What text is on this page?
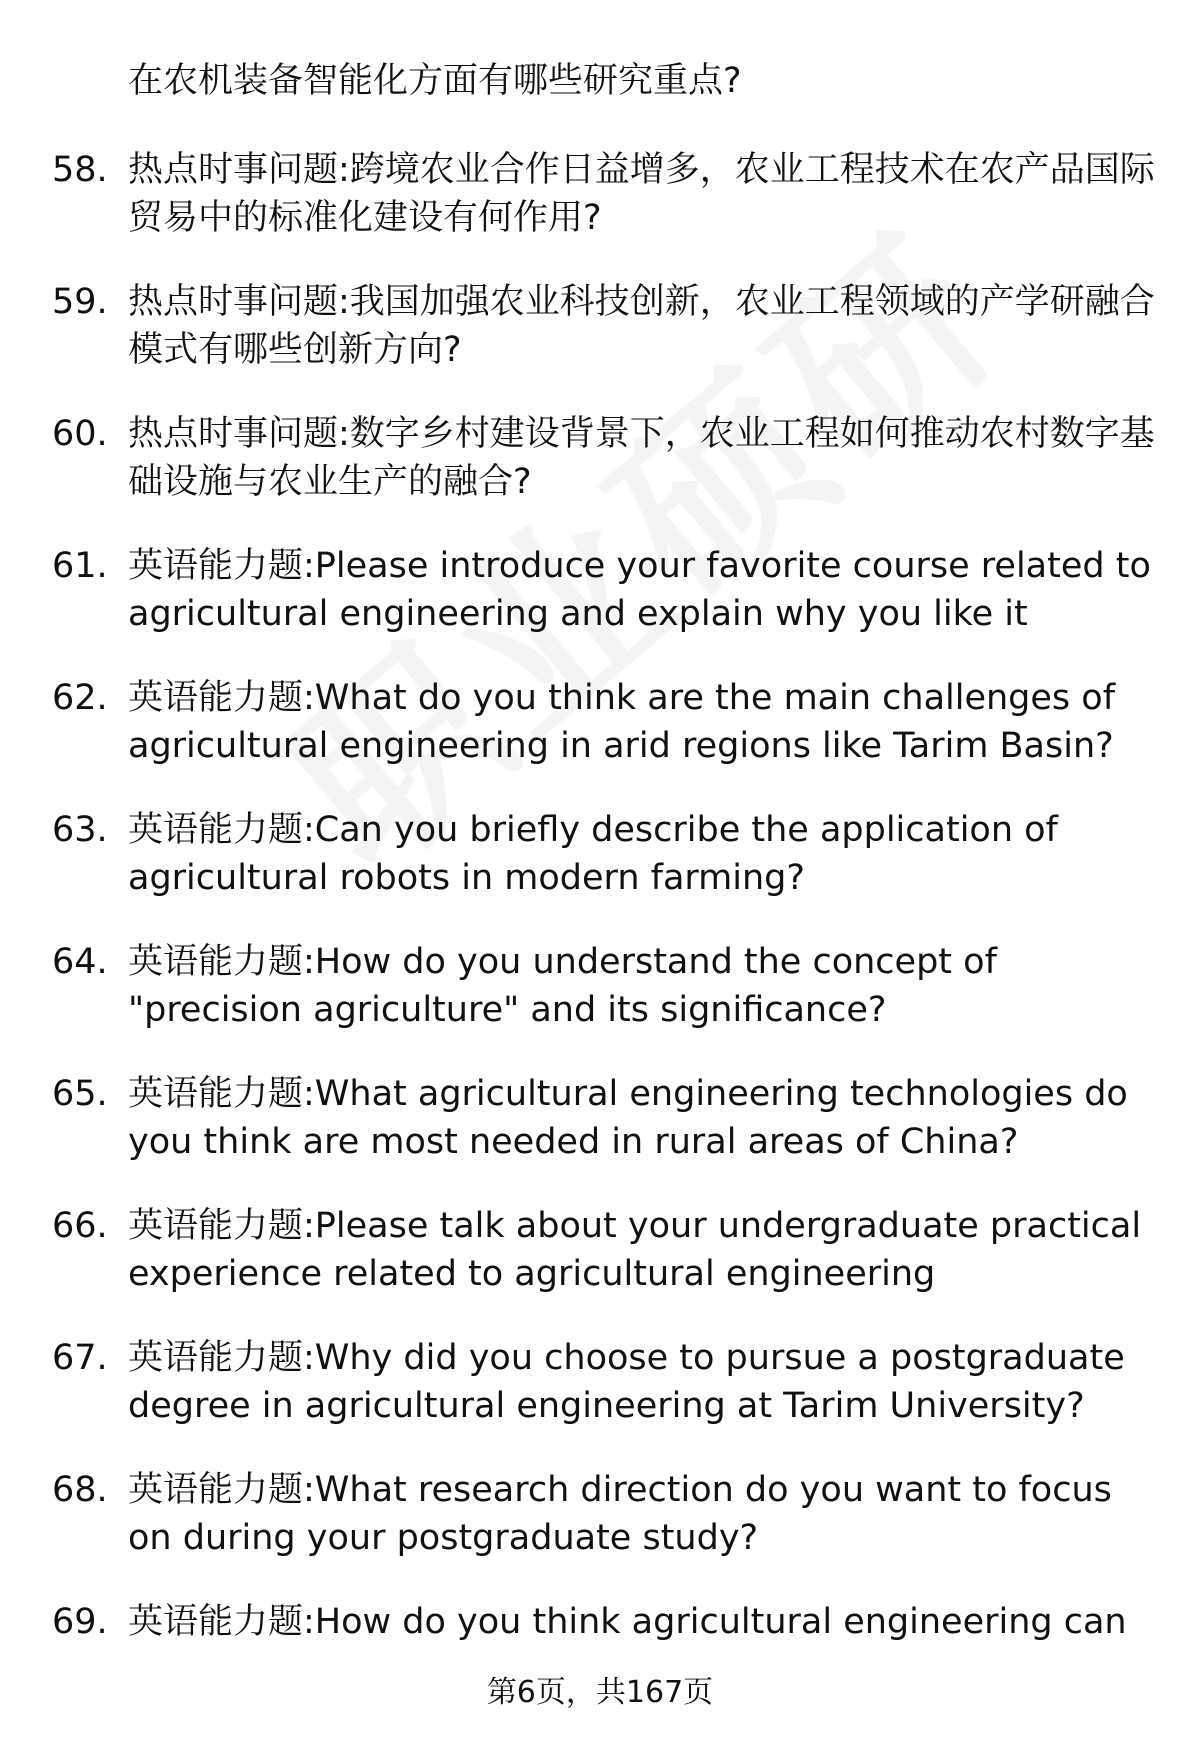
在农机装备智能化方面有哪些研究重点?
58. 热点时事问题:跨境农业合作日益增多，农业工程技术在农产品国际贸易中的标准化建设有何作用?
59. 热点时事问题:我国加强农业科技创新，农业工程领域的产学研融合模式有哪些创新方向?
60. 热点时事问题:数字乡村建设背景下，农业工程如何推动农村数字基础设施与农业生产的融合?
61. 英语能力题:Please introduce your favorite course related to agricultural engineering and explain why you like it
62. 英语能力题:What do you think are the main challenges of agricultural engineering in arid regions like Tarim Basin?
63. 英语能力题:Can you briefly describe the application of agricultural robots in modern farming?
64. 英语能力题:How do you understand the concept of "precision agriculture" and its significance?
65. 英语能力题:What agricultural engineering technologies do you think are most needed in rural areas of China?
66. 英语能力题:Please talk about your undergraduate practical experience related to agricultural engineering
67. 英语能力题:Why did you choose to pursue a postgraduate degree in agricultural engineering at Tarim University?
68. 英语能力题:What research direction do you want to focus on during your postgraduate study?
69. 英语能力题:How do you think agricultural engineering can
第6页，共167页
